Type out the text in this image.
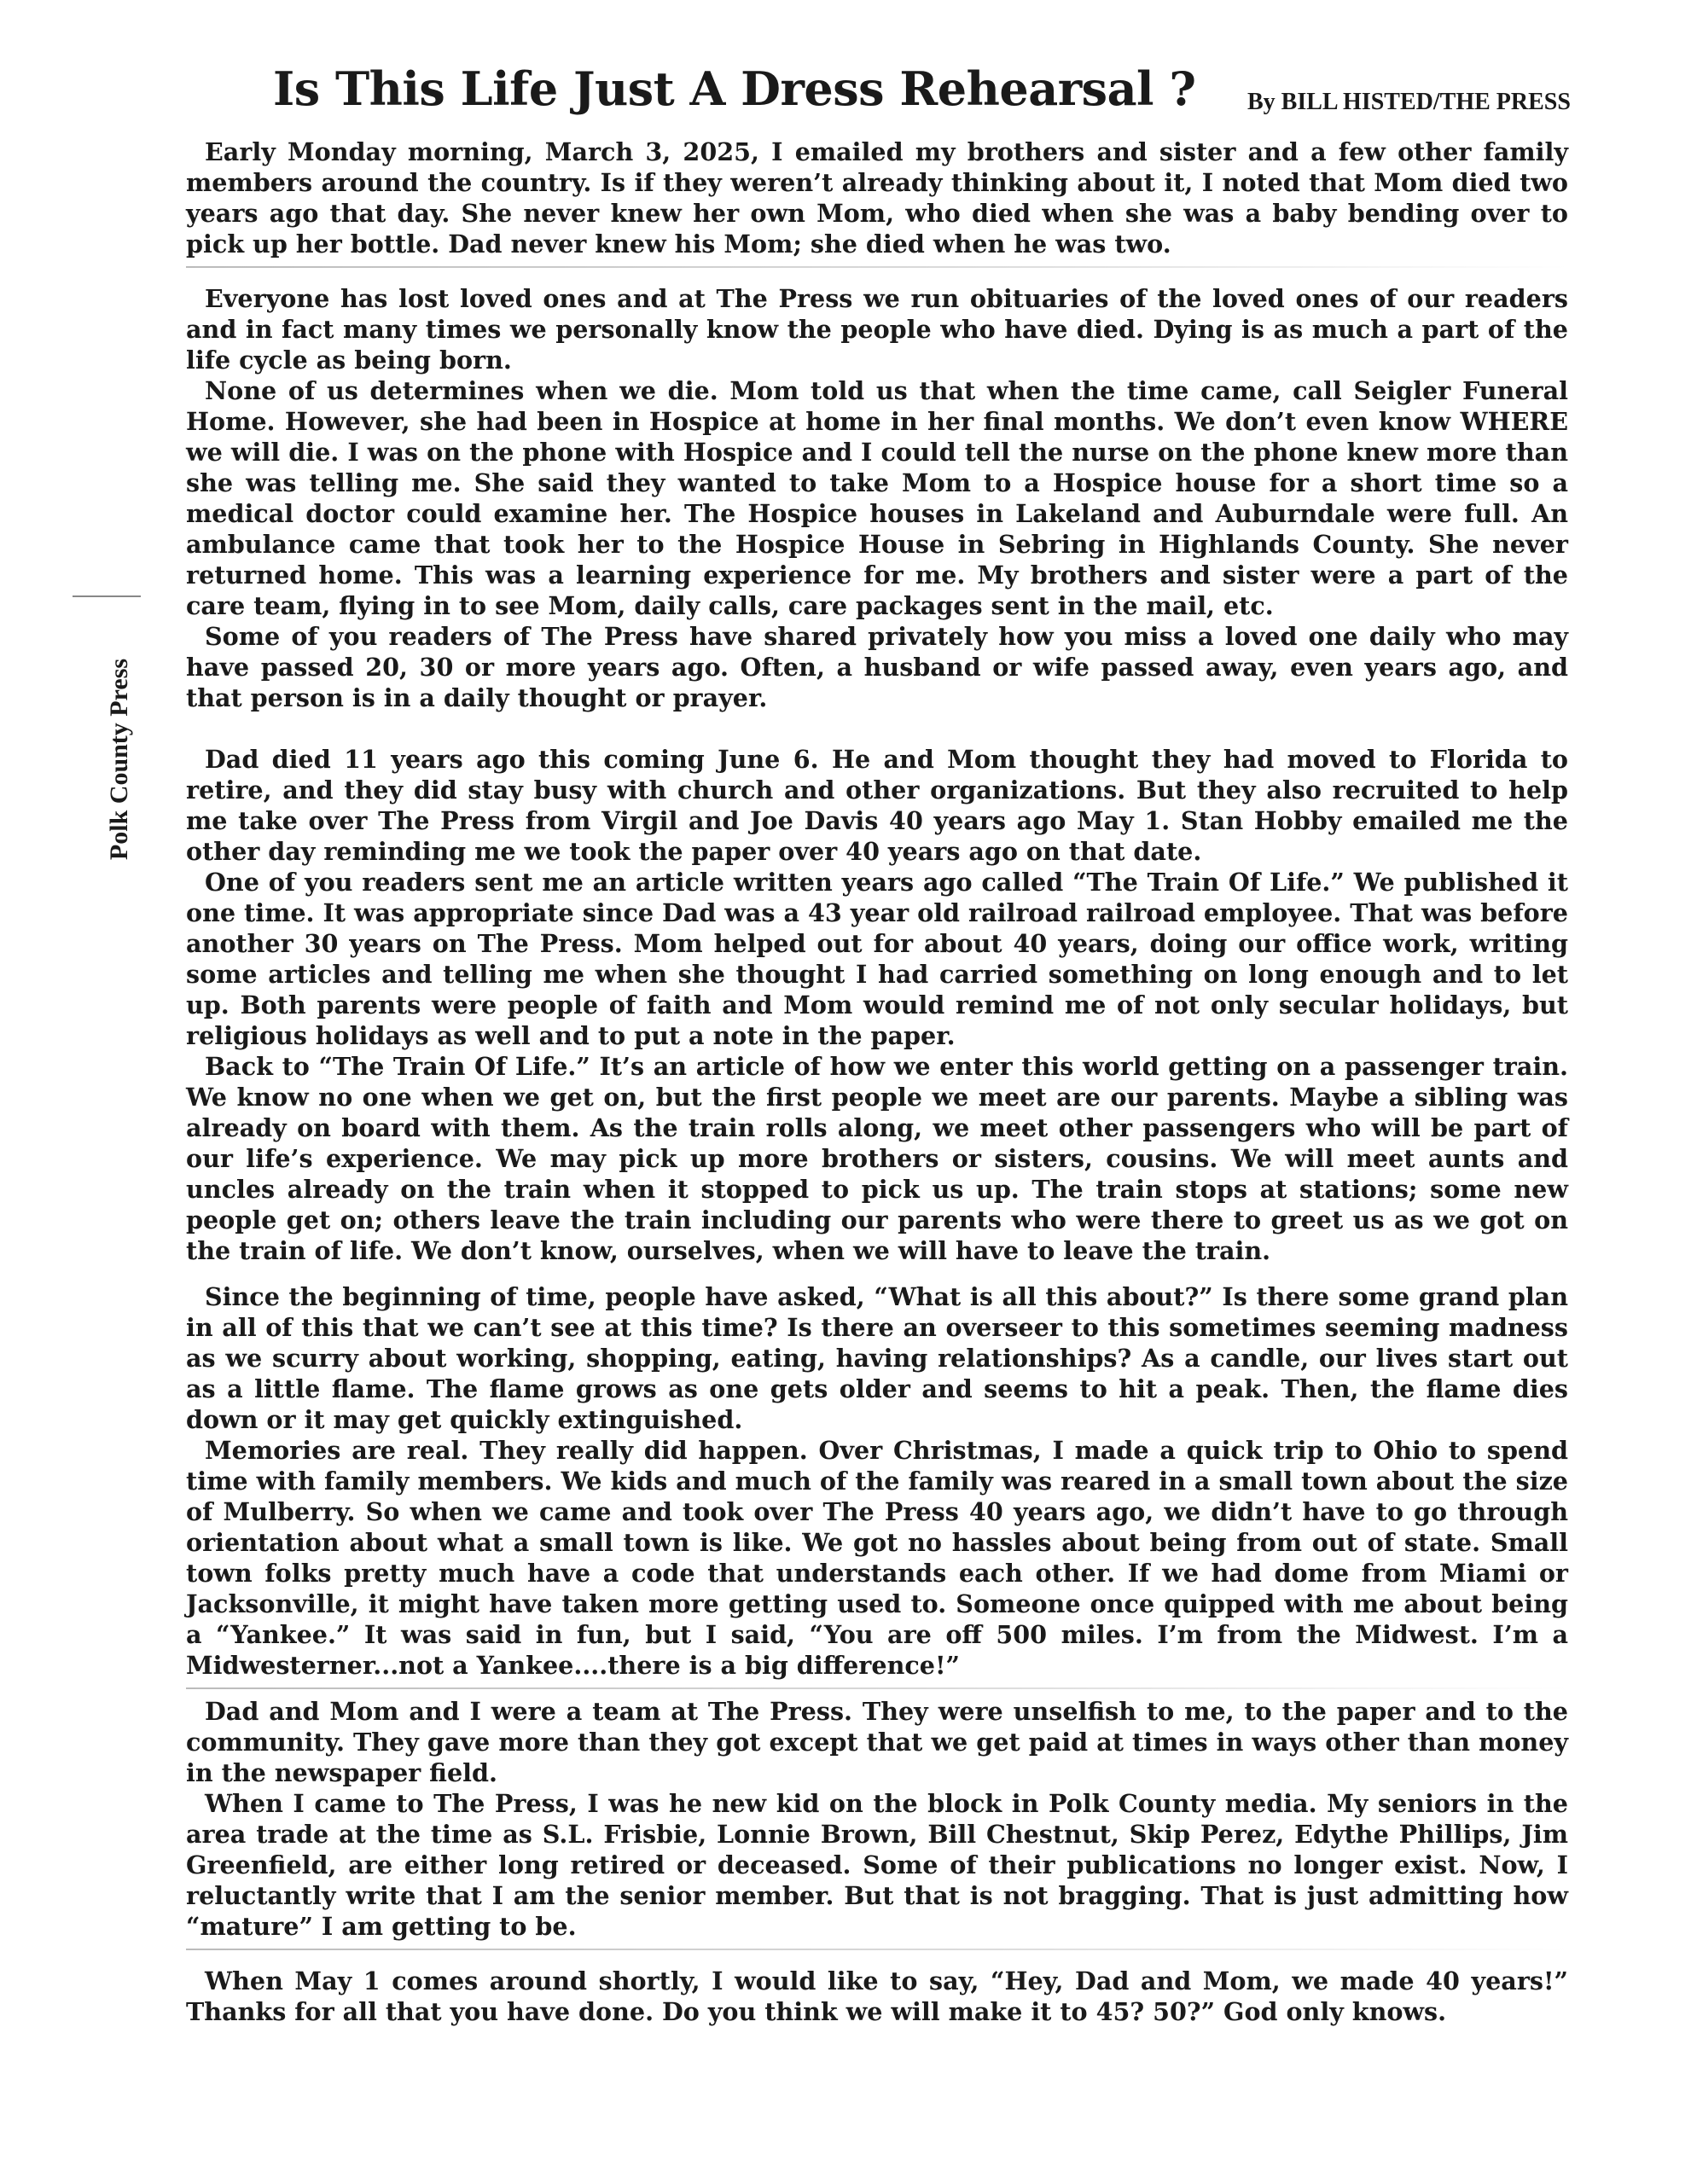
Is This Life Just A Dress Rehearsal ? By BILL HISTED/THE PRESS
Polk County Press

Early Monday morning, March 3, 2025, I emailed my brothers and sister and a few other family members around the country. Is if they weren’t already thinking about it, I noted that Mom died two years ago that day. She never knew her own Mom, who died when she was a baby bending over to pick up her bottle. Dad never knew his Mom; she died when he was two.

Everyone has lost loved ones and at The Press we run obituaries of the loved ones of our readers and in fact many times we personally know the people who have died. Dying is as much a part of the life cycle as being born.

None of us determines when we die. Mom told us that when the time came, call Seigler Funeral Home. However, she had been in Hospice at home in her final months. We don’t even know WHERE we will die. I was on the phone with Hospice and I could tell the nurse on the phone knew more than she was telling me. She said they wanted to take Mom to a Hospice house for a short time so a medical doctor could examine her. The Hospice houses in Lakeland and Auburndale were full. An ambulance came that took her to the Hospice House in Sebring in Highlands County. She never returned home. This was a learning experience for me. My brothers and sister were a part of the care team, flying in to see Mom, daily calls, care packages sent in the mail, etc.

Some of you readers of The Press have shared privately how you miss a loved one daily who may have passed 20, 30 or more years ago. Often, a husband or wife passed away, even years ago, and that person is in a daily thought or prayer.

Dad died 11 years ago this coming June 6. He and Mom thought they had moved to Florida to retire, and they did stay busy with church and other organizations. But they also recruited to help me take over The Press from Virgil and Joe Davis 40 years ago May 1. Stan Hobby emailed me the other day reminding me we took the paper over 40 years ago on that date.

One of you readers sent me an article written years ago called “The Train Of Life.” We published it one time. It was appropriate since Dad was a 43 year old railroad railroad employee. That was before another 30 years on The Press. Mom helped out for about 40 years, doing our office work, writing some articles and telling me when she thought I had carried something on long enough and to let up. Both parents were people of faith and Mom would remind me of not only secular holidays, but religious holidays as well and to put a note in the paper.

Back to “The Train Of Life.” It’s an article of how we enter this world getting on a passenger train. We know no one when we get on, but the first people we meet are our parents. Maybe a sibling was already on board with them. As the train rolls along, we meet other passengers who will be part of our life’s experience. We may pick up more brothers or sisters, cousins. We will meet aunts and uncles already on the train when it stopped to pick us up. The train stops at stations; some new people get on; others leave the train including our parents who were there to greet us as we got on the train of life. We don’t know, ourselves, when we will have to leave the train.

Since the beginning of time, people have asked, “What is all this about?” Is there some grand plan in all of this that we can’t see at this time? Is there an overseer to this sometimes seeming madness as we scurry about working, shopping, eating, having relationships? As a candle, our lives start out as a little flame. The flame grows as one gets older and seems to hit a peak. Then, the flame dies down or it may get quickly extinguished.

Memories are real. They really did happen. Over Christmas, I made a quick trip to Ohio to spend time with family members. We kids and much of the family was reared in a small town about the size of Mulberry. So when we came and took over The Press 40 years ago, we didn’t have to go through orientation about what a small town is like. We got no hassles about being from out of state. Small town folks pretty much have a code that understands each other. If we had dome from Miami or Jacksonville, it might have taken more getting used to. Someone once quipped with me about being a “Yankee.” It was said in fun, but I said, “You are off 500 miles. I’m from the Midwest. I’m a Midwesterner...not a Yankee....there is a big difference!”

Dad and Mom and I were a team at The Press. They were unselfish to me, to the paper and to the community. They gave more than they got except that we get paid at times in ways other than money in the newspaper field.

When I came to The Press, I was he new kid on the block in Polk County media. My seniors in the area trade at the time as S.L. Frisbie, Lonnie Brown, Bill Chestnut, Skip Perez, Edythe Phillips, Jim Greenfield, are either long retired or deceased. Some of their publications no longer exist. Now, I reluctantly write that I am the senior member. But that is not bragging. That is just admitting how “mature” I am getting to be.

When May 1 comes around shortly, I would like to say, “Hey, Dad and Mom, we made 40 years!” Thanks for all that you have done. Do you think we will make it to 45? 50?” God only knows.
